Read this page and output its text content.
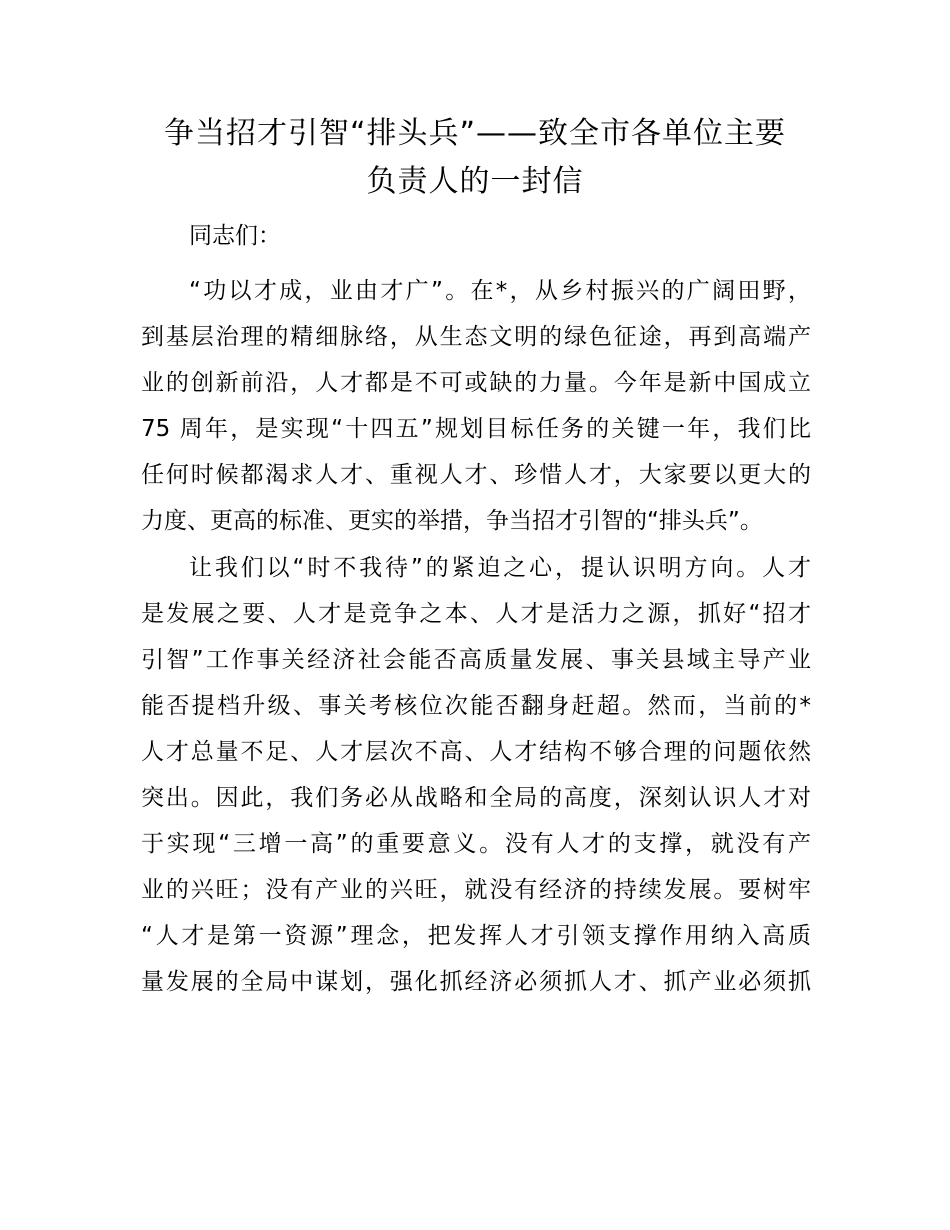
争当招才引智“排头兵”——致全市各单位主要
负责人的一封信
同志们：
“功以才成，业由才广”。在*，从乡村振兴的广阔田野，
到基层治理的精细脉络，从生态文明的绿色征途，再到高端产
业的创新前沿，人才都是不可或缺的力量。今年是新中国成立
75 周年，是实现“十四五”规划目标任务的关键一年，我们比
任何时候都渴求人才、重视人才、珍惜人才，大家要以更大的
力度、更高的标准、更实的举措，争当招才引智的“排头兵”。
让我们以“时不我待”的紧迫之心，提认识明方向。人才
是发展之要、人才是竞争之本、人才是活力之源，抓好“招才
引智”工作事关经济社会能否高质量发展、事关县域主导产业
能否提档升级、事关考核位次能否翻身赶超。然而，当前的*
人才总量不足、人才层次不高、人才结构不够合理的问题依然
突出。因此，我们务必从战略和全局的高度，深刻认识人才对
于实现“三增一高”的重要意义。没有人才的支撑，就没有产
业的兴旺；没有产业的兴旺，就没有经济的持续发展。要树牢
“人才是第一资源”理念，把发挥人才引领支撑作用纳入高质
量发展的全局中谋划，强化抓经济必须抓人才、抓产业必须抓
